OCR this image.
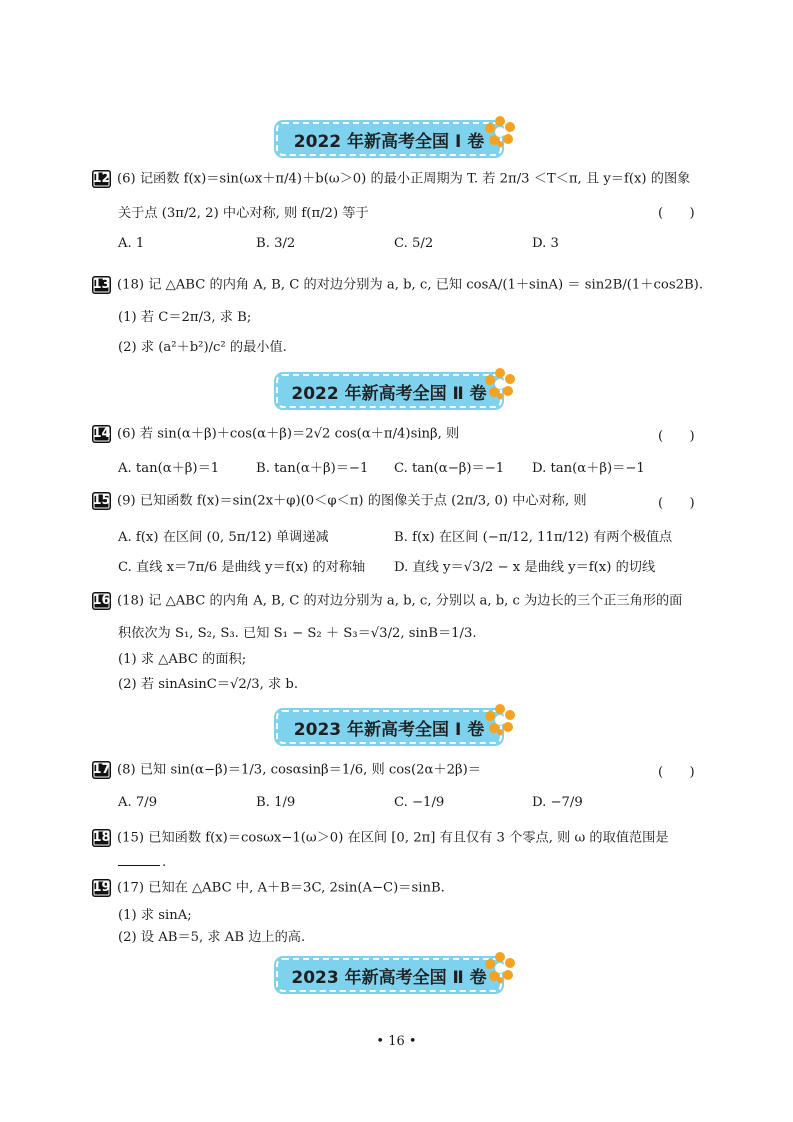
2022 年新高考全国 Ⅰ 卷
12 (6) 记函数 f(x)＝sin(ωx＋π/4)＋b(ω＞0) 的最小正周期为 T. 若 2π/3 ＜T＜π, 且 y＝f(x) 的图象
关于点 (3π/2, 2) 中心对称, 则 f(π/2) 等于	(　　)
A. 1	B. 3/2	C. 5/2	D. 3
13 (18) 记 △ABC 的内角 A, B, C 的对边分别为 a, b, c, 已知 cosA/(1＋sinA) ＝ sin2B/(1＋cos2B).
(1) 若 C＝2π/3, 求 B;
(2) 求 (a²＋b²)/c² 的最小值.
2022 年新高考全国 Ⅱ 卷
14 (6) 若 sin(α＋β)＋cos(α＋β)＝2√2 cos(α＋π/4)sinβ, 则	(　　)
A. tan(α＋β)＝1	B. tan(α＋β)＝−1 C. tan(α−β)＝−1 D. tan(α＋β)＝−1
15 (9) 已知函数 f(x)＝sin(2x＋φ)(0＜φ＜π) 的图像关于点 (2π/3, 0) 中心对称, 则	(　　)
A. f(x) 在区间 (0, 5π/12) 单调递减	B. f(x) 在区间 (−π/12, 11π/12) 有两个极值点
C. 直线 x＝7π/6 是曲线 y＝f(x) 的对称轴 D. 直线 y＝√3/2 − x 是曲线 y＝f(x) 的切线
16 (18) 记 △ABC 的内角 A, B, C 的对边分别为 a, b, c, 分别以 a, b, c 为边长的三个正三角形的面
积依次为 S₁, S₂, S₃. 已知 S₁ − S₂ ＋ S₃＝√3/2, sinB＝1/3.
(1) 求 △ABC 的面积;
(2) 若 sinAsinC＝√2/3, 求 b.
2023 年新高考全国 Ⅰ 卷
17 (8) 已知 sin(α−β)＝1/3, cosαsinβ＝1/6, 则 cos(2α＋2β)＝	(　　)
A. 7/9	B. 1/9	C. −1/9	D. −7/9
18 (15) 已知函数 f(x)＝cosωx−1(ω＞0) 在区间 [0, 2π] 有且仅有 3 个零点, 则 ω 的取值范围是
.
19 (17) 已知在 △ABC 中, A＋B＝3C, 2sin(A−C)＝sinB.
(1) 求 sinA;
(2) 设 AB＝5, 求 AB 边上的高.
2023 年新高考全国 Ⅱ 卷
• 16 •
